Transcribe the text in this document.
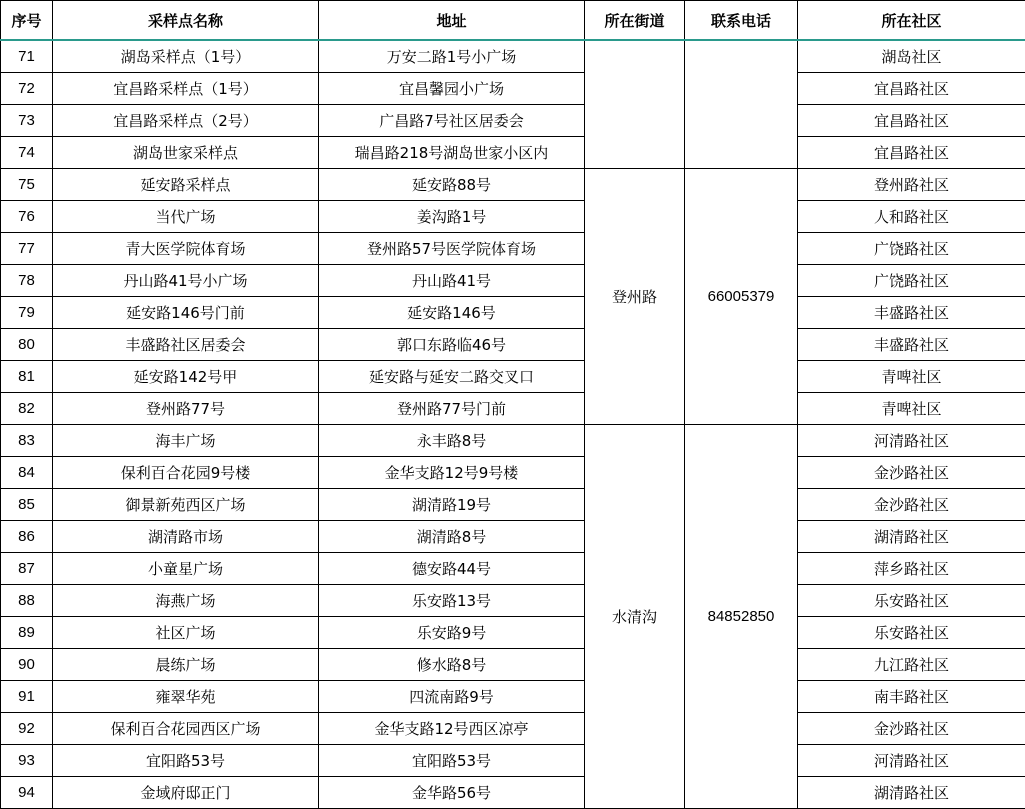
序号	采样点名称	地址	所在街道	联系电话	所在社区
71	湖岛采样点（1号）	万安二路1号小广场			湖岛社区
72	宜昌路采样点（1号）	宜昌馨园小广场			宜昌路社区
73	宜昌路采样点（2号）	广昌路7号社区居委会			宜昌路社区
74	湖岛世家采样点	瑞昌路218号湖岛世家小区内			宜昌路社区
75	延安路采样点	延安路88号	登州路	66005379	登州路社区
76	当代广场	姜沟路1号			人和路社区
77	青大医学院体育场	登州路57号医学院体育场			广饶路社区
78	丹山路41号小广场	丹山路41号			广饶路社区
79	延安路146号门前	延安路146号			丰盛路社区
80	丰盛路社区居委会	郭口东路临46号			丰盛路社区
81	延安路142号甲	延安路与延安二路交叉口			青啤社区
82	登州路77号	登州路77号门前			青啤社区
83	海丰广场	永丰路8号	水清沟	84852850	河清路社区
84	保利百合花园9号楼	金华支路12号9号楼			金沙路社区
85	御景新苑西区广场	湖清路19号			金沙路社区
86	湖清路市场	湖清路8号			湖清路社区
87	小童星广场	德安路44号			萍乡路社区
88	海燕广场	乐安路13号			乐安路社区
89	社区广场	乐安路9号			乐安路社区
90	晨练广场	修水路8号			九江路社区
91	雍翠华苑	四流南路9号			南丰路社区
92	保利百合花园西区广场	金华支路12号西区凉亭			金沙路社区
93	宜阳路53号	宜阳路53号			河清路社区
94	金域府邸正门	金华路56号			湖清路社区
